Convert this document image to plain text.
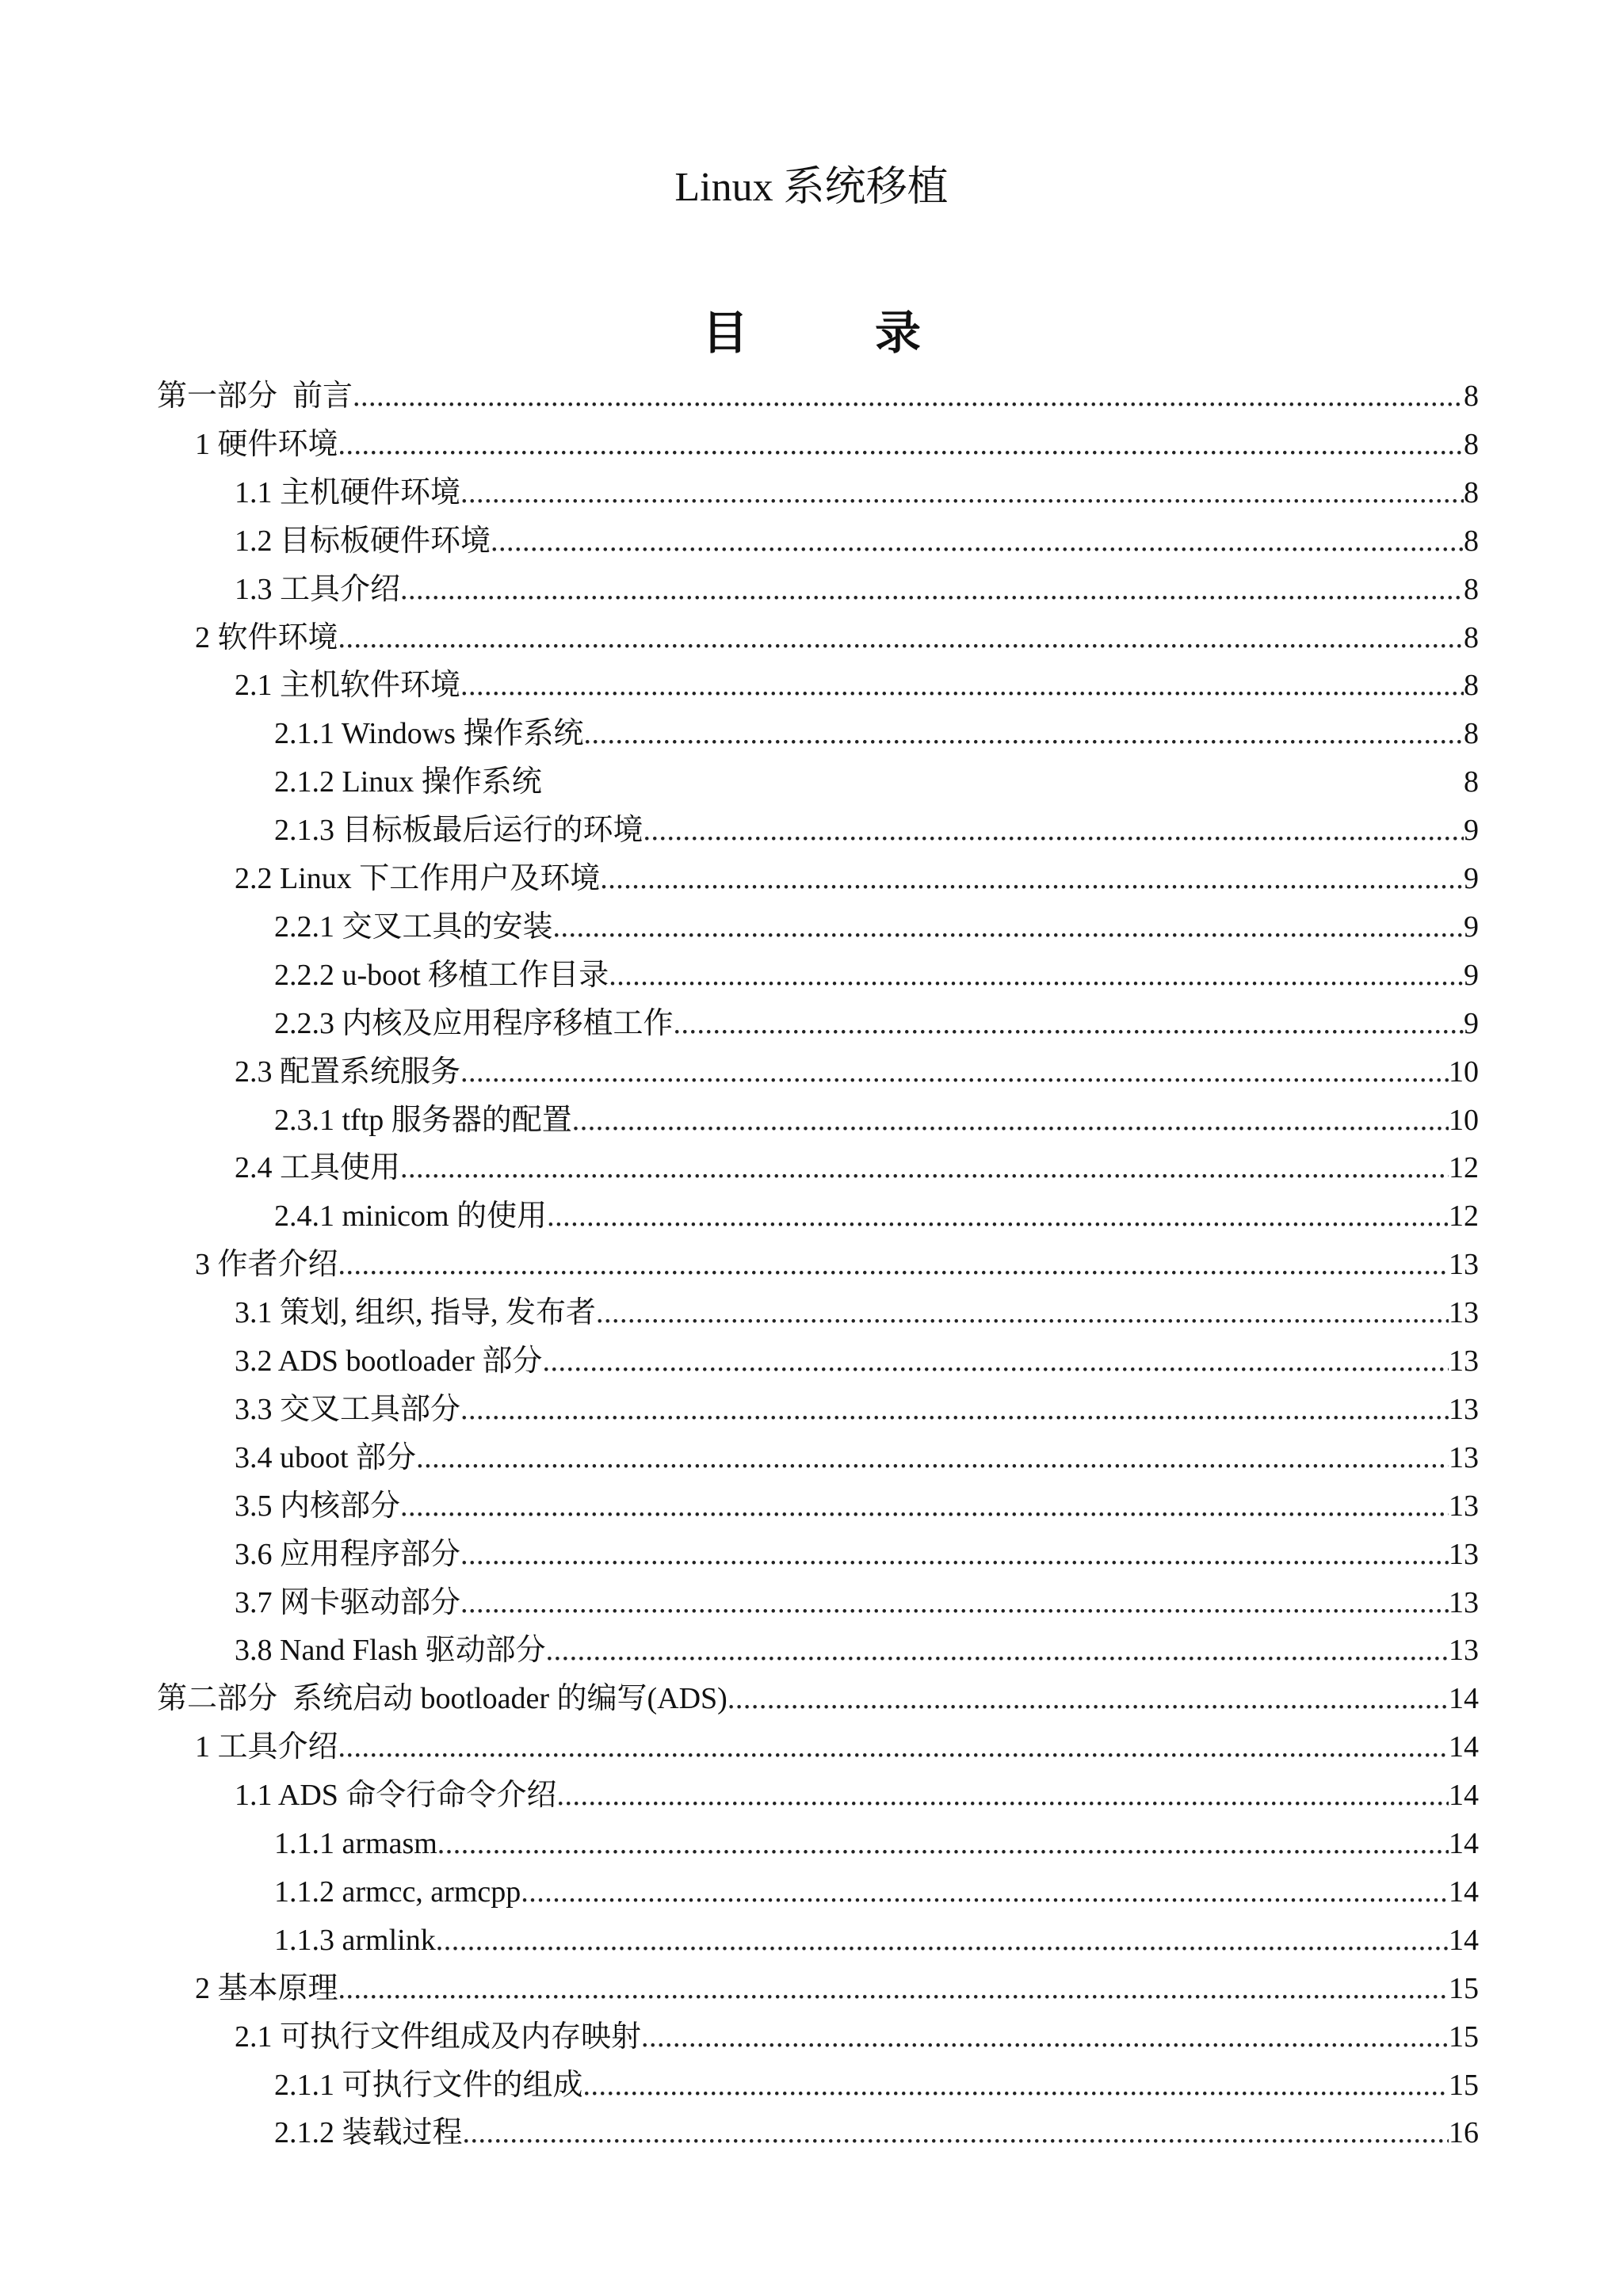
Linux 系统移植
目录
第一部分  前言 .....	8
1 硬件环境 .....	8
1.1 主机硬件环境 .....	8
1.2 目标板硬件环境 .....	8
1.3 工具介绍 .....	8
2 软件环境 .....	8
2.1 主机软件环境 .....	8
2.1.1 Windows 操作系统 .....	8
2.1.2 Linux 操作系统	8
2.1.3 目标板最后运行的环境 .....	9
2.2 Linux 下工作用户及环境 .....	9
2.2.1 交叉工具的安装 .....	9
2.2.2 u-boot 移植工作目录 .....	9
2.2.3 内核及应用程序移植工作 .....	9
2.3 配置系统服务 .....	10
2.3.1 tftp 服务器的配置 .....	10
2.4 工具使用 .....	12
2.4.1 minicom 的使用 .....	12
3 作者介绍 .....	13
3.1 策划, 组织, 指导, 发布者 .....	13
3.2 ADS bootloader 部分 .....	13
3.3 交叉工具部分 .....	13
3.4 uboot 部分 .....	13
3.5 内核部分 .....	13
3.6 应用程序部分 .....	13
3.7 网卡驱动部分 .....	13
3.8 Nand Flash 驱动部分 .....	13
第二部分  系统启动 bootloader 的编写(ADS) .....	14
1 工具介绍 .....	14
1.1 ADS 命令行命令介绍 .....	14
1.1.1 armasm .....	14
1.1.2 armcc, armcpp .....	14
1.1.3 armlink .....	14
2 基本原理 .....	15
2.1 可执行文件组成及内存映射 .....	15
2.1.1 可执行文件的组成 .....	15
2.1.2 装载过程 .....	16
